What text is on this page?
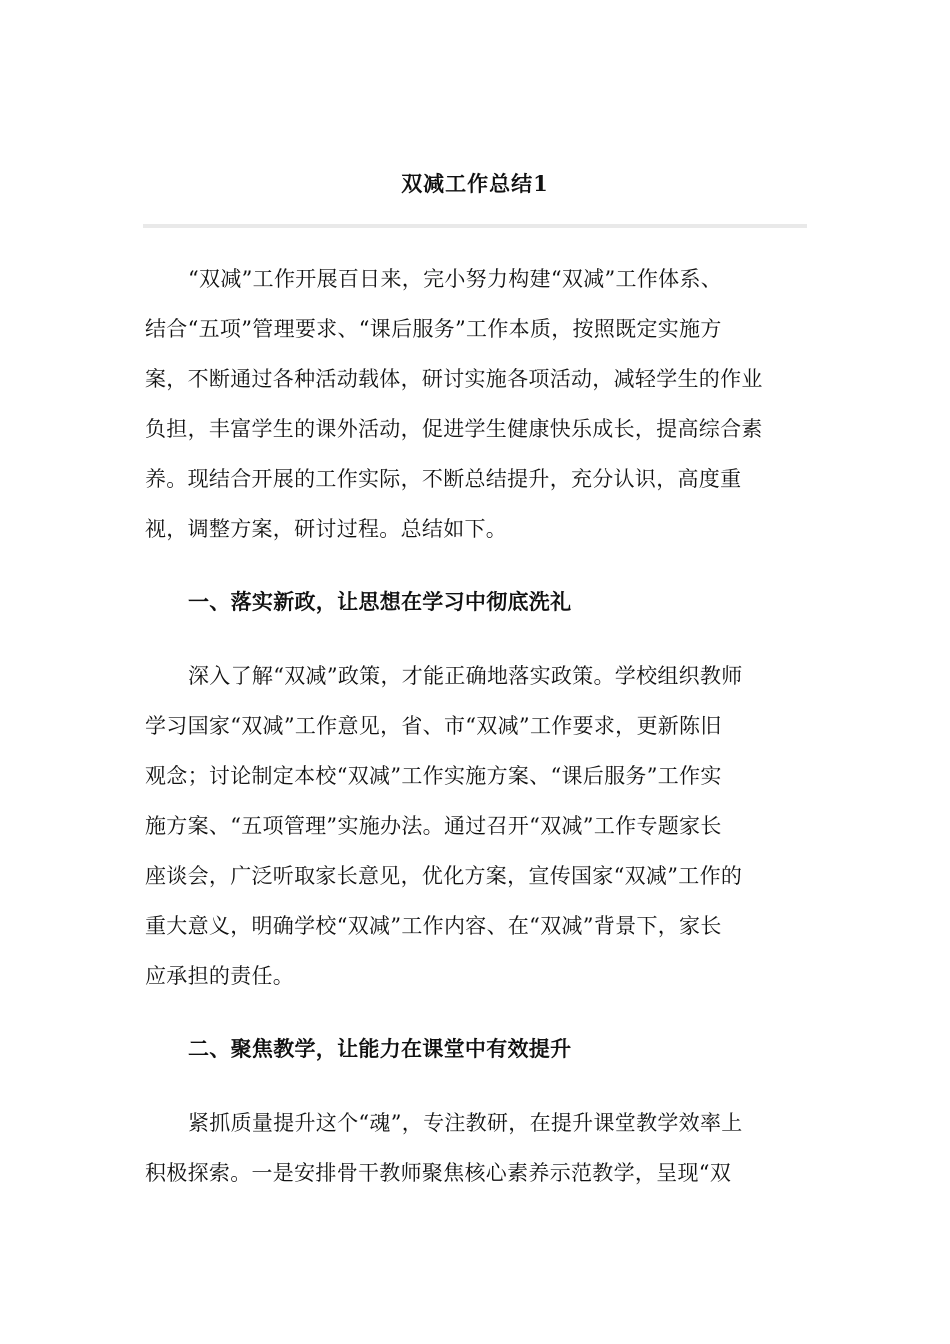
双减工作总结1
“双减”工作开展百日来，完小努力构建“双减”工作体系、
结合“五项”管理要求、“课后服务”工作本质，按照既定实施方
案，不断通过各种活动载体，研讨实施各项活动，减轻学生的作业
负担，丰富学生的课外活动，促进学生健康快乐成长，提高综合素
养。现结合开展的工作实际，不断总结提升，充分认识，高度重
视，调整方案，研讨过程。总结如下。
一、落实新政，让思想在学习中彻底洗礼
深入了解“双减”政策，才能正确地落实政策。学校组织教师
学习国家“双减”工作意见，省、市“双减”工作要求，更新陈旧
观念；讨论制定本校“双减”工作实施方案、“课后服务”工作实
施方案、“五项管理”实施办法。通过召开“双减”工作专题家长
座谈会，广泛听取家长意见，优化方案，宣传国家“双减”工作的
重大意义，明确学校“双减”工作内容、在“双减”背景下，家长
应承担的责任。
二、聚焦教学，让能力在课堂中有效提升
紧抓质量提升这个“魂”，专注教研，在提升课堂教学效率上
积极探索。一是安排骨干教师聚焦核心素养示范教学，呈现“双
